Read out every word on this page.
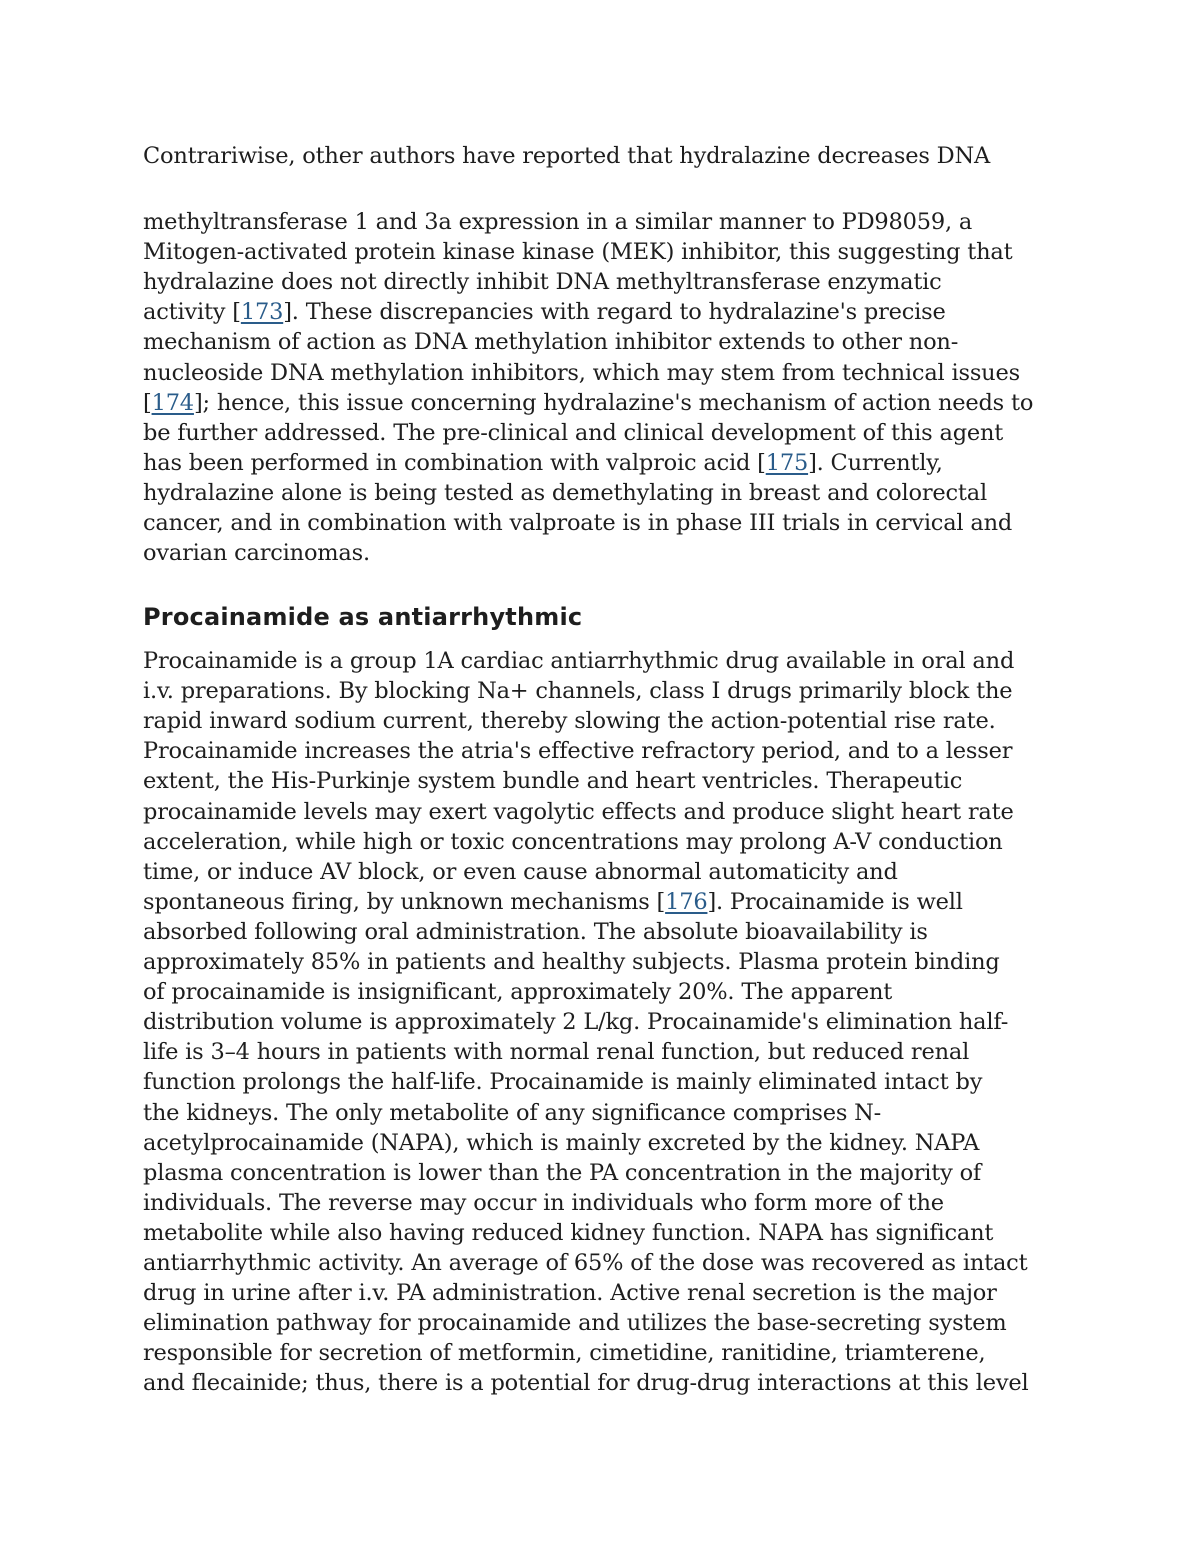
Contrariwise, other authors have reported that hydralazine decreases DNA
methyltransferase 1 and 3a expression in a similar manner to PD98059, a
Mitogen-activated protein kinase kinase (MEK) inhibitor, this suggesting that
hydralazine does not directly inhibit DNA methyltransferase enzymatic
activity [173]. These discrepancies with regard to hydralazine's precise
mechanism of action as DNA methylation inhibitor extends to other non-
nucleoside DNA methylation inhibitors, which may stem from technical issues
[174]; hence, this issue concerning hydralazine's mechanism of action needs to
be further addressed. The pre-clinical and clinical development of this agent
has been performed in combination with valproic acid [175]. Currently,
hydralazine alone is being tested as demethylating in breast and colorectal
cancer, and in combination with valproate is in phase III trials in cervical and
ovarian carcinomas.
Procainamide as antiarrhythmic
Procainamide is a group 1A cardiac antiarrhythmic drug available in oral and
i.v. preparations. By blocking Na+ channels, class I drugs primarily block the
rapid inward sodium current, thereby slowing the action-potential rise rate.
Procainamide increases the atria's effective refractory period, and to a lesser
extent, the His-Purkinje system bundle and heart ventricles. Therapeutic
procainamide levels may exert vagolytic effects and produce slight heart rate
acceleration, while high or toxic concentrations may prolong A-V conduction
time, or induce AV block, or even cause abnormal automaticity and
spontaneous firing, by unknown mechanisms [176]. Procainamide is well
absorbed following oral administration. The absolute bioavailability is
approximately 85% in patients and healthy subjects. Plasma protein binding
of procainamide is insignificant, approximately 20%. The apparent
distribution volume is approximately 2 L/kg. Procainamide's elimination half-
life is 3–4 hours in patients with normal renal function, but reduced renal
function prolongs the half-life. Procainamide is mainly eliminated intact by
the kidneys. The only metabolite of any significance comprises N-
acetylprocainamide (NAPA), which is mainly excreted by the kidney. NAPA
plasma concentration is lower than the PA concentration in the majority of
individuals. The reverse may occur in individuals who form more of the
metabolite while also having reduced kidney function. NAPA has significant
antiarrhythmic activity. An average of 65% of the dose was recovered as intact
drug in urine after i.v. PA administration. Active renal secretion is the major
elimination pathway for procainamide and utilizes the base-secreting system
responsible for secretion of metformin, cimetidine, ranitidine, triamterene,
and flecainide; thus, there is a potential for drug-drug interactions at this level
